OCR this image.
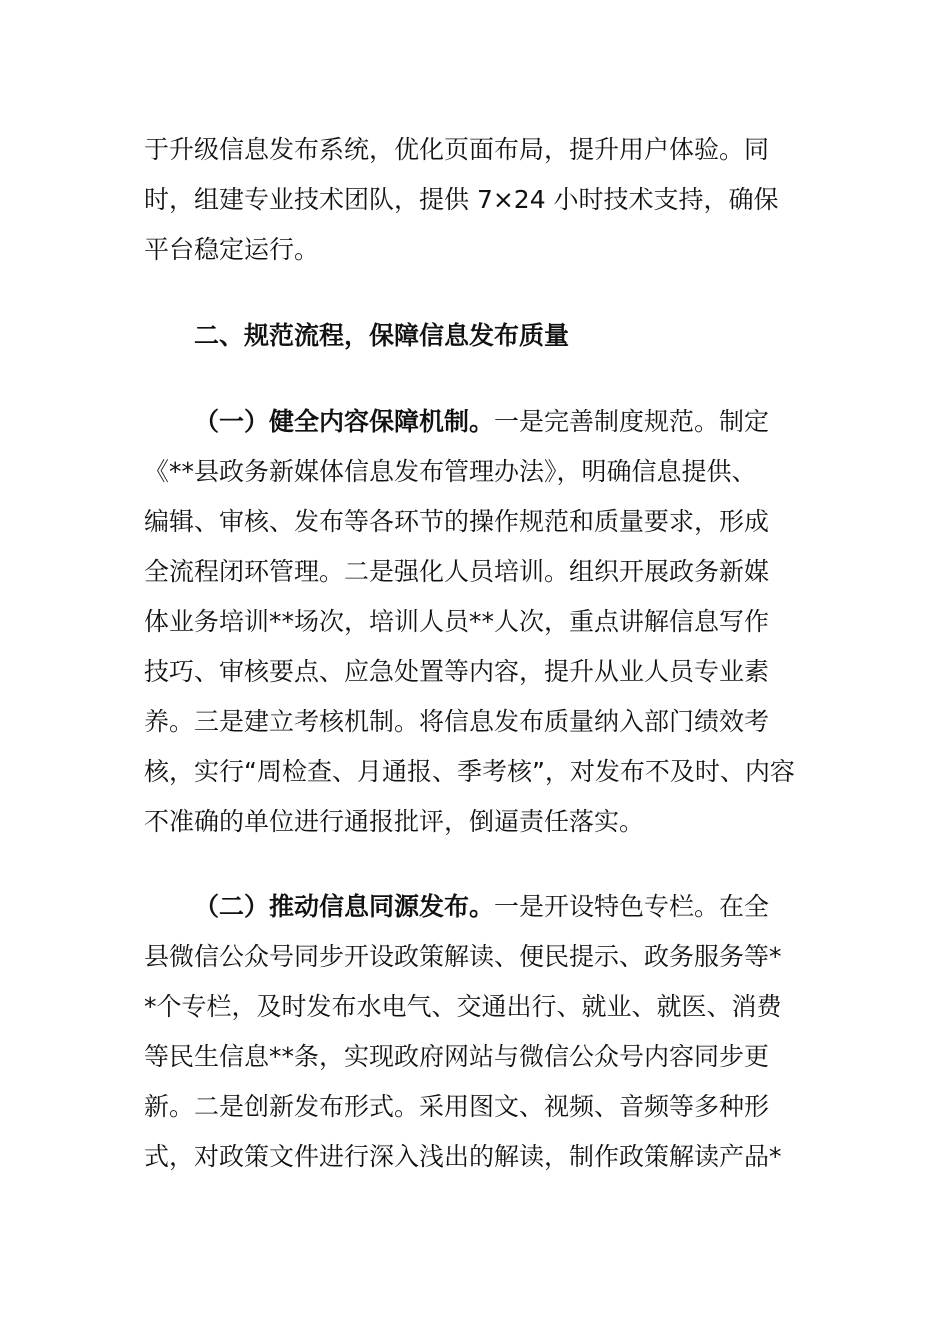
于升级信息发布系统，优化页面布局，提升用户体验。同
时，组建专业技术团队，提供 7×24 小时技术支持，确保
平台稳定运行。
二、规范流程，保障信息发布质量
（一）健全内容保障机制。一是完善制度规范。制定
《**县政务新媒体信息发布管理办法》，明确信息提供、
编辑、审核、发布等各环节的操作规范和质量要求，形成
全流程闭环管理。二是强化人员培训。组织开展政务新媒
体业务培训**场次，培训人员**人次，重点讲解信息写作
技巧、审核要点、应急处置等内容，提升从业人员专业素
养。三是建立考核机制。将信息发布质量纳入部门绩效考
核，实行“周检查、月通报、季考核”，对发布不及时、内容
不准确的单位进行通报批评，倒逼责任落实。
（二）推动信息同源发布。一是开设特色专栏。在全
县微信公众号同步开设政策解读、便民提示、政务服务等*
*个专栏，及时发布水电气、交通出行、就业、就医、消费
等民生信息**条，实现政府网站与微信公众号内容同步更
新。二是创新发布形式。采用图文、视频、音频等多种形
式，对政策文件进行深入浅出的解读，制作政策解读产品*
